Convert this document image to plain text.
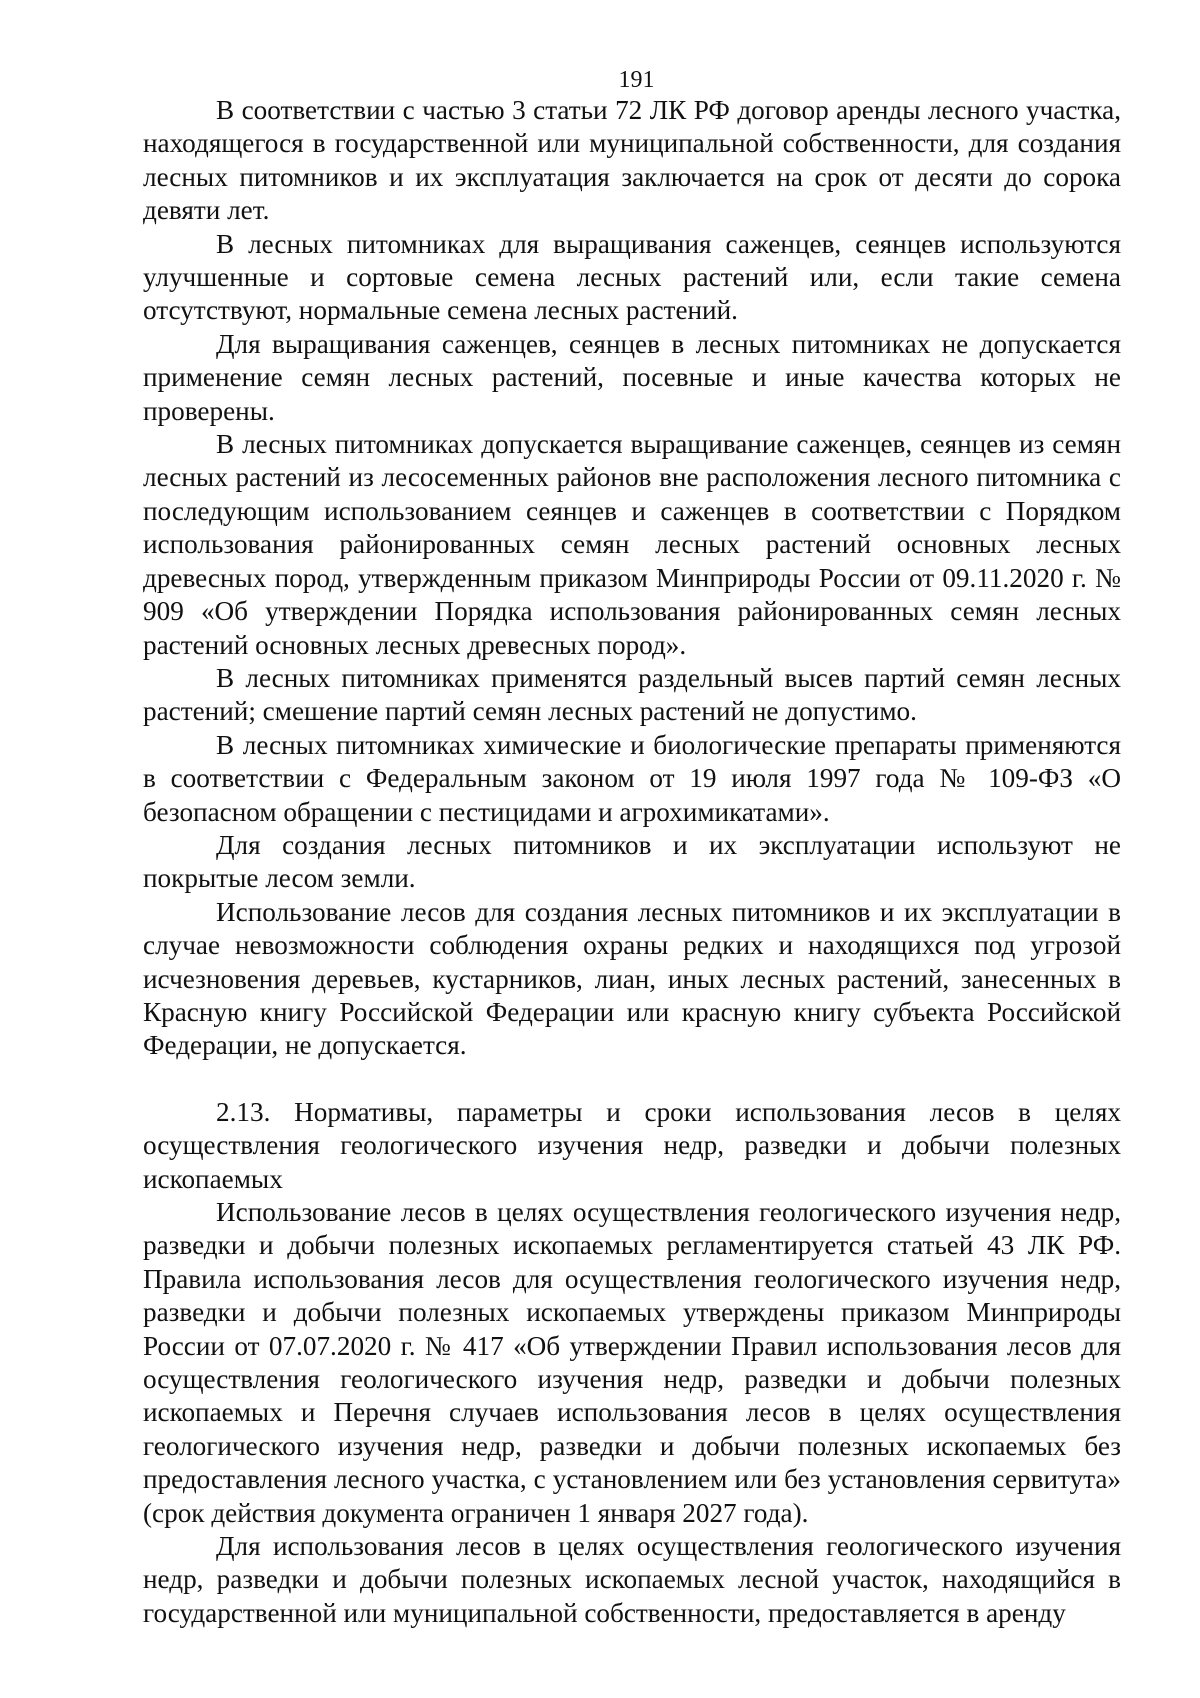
191

В соответствии с частью 3 статьи 72 ЛК РФ договор аренды лесного участка, находящегося в государственной или муниципальной собственности, для создания лесных питомников и их эксплуатация заключается на срок от десяти до сорока девяти лет.

В лесных питомниках для выращивания саженцев, сеянцев используются улучшенные и сортовые семена лесных растений или, если такие семена отсутствуют, нормальные семена лесных растений.

Для выращивания саженцев, сеянцев в лесных питомниках не допускается применение семян лесных растений, посевные и иные качества которых не проверены.

В лесных питомниках допускается выращивание саженцев, сеянцев из семян лесных растений из лесосеменных районов вне расположения лесного питомника с последующим использованием сеянцев и саженцев в соответствии с Порядком использования районированных семян лесных растений основных лесных древесных пород, утвержденным приказом Минприроды России от 09.11.2020 г. № 909 «Об утверждении Порядка использования районированных семян лесных растений основных лесных древесных пород».

В лесных питомниках применятся раздельный высев партий семян лесных растений; смешение партий семян лесных растений не допустимо.

В лесных питомниках химические и биологические препараты применяются в соответствии с Федеральным законом от 19 июля 1997 года № 109-ФЗ «О безопасном обращении с пестицидами и агрохимикатами».

Для создания лесных питомников и их эксплуатации используют не покрытые лесом земли.

Использование лесов для создания лесных питомников и их эксплуатации в случае невозможности соблюдения охраны редких и находящихся под угрозой исчезновения деревьев, кустарников, лиан, иных лесных растений, занесенных в Красную книгу Российской Федерации или красную книгу субъекта Российской Федерации, не допускается.

2.13. Нормативы, параметры и сроки использования лесов в целях осуществления геологического изучения недр, разведки и добычи полезных ископаемых

Использование лесов в целях осуществления геологического изучения недр, разведки и добычи полезных ископаемых регламентируется статьей 43 ЛК РФ. Правила использования лесов для осуществления геологического изучения недр, разведки и добычи полезных ископаемых утверждены приказом Минприроды России от 07.07.2020 г. № 417 «Об утверждении Правил использования лесов для осуществления геологического изучения недр, разведки и добычи полезных ископаемых и Перечня случаев использования лесов в целях осуществления геологического изучения недр, разведки и добычи полезных ископаемых без предоставления лесного участка, с установлением или без установления сервитута» (срок действия документа ограничен 1 января 2027 года).

Для использования лесов в целях осуществления геологического изучения недр, разведки и добычи полезных ископаемых лесной участок, находящийся в государственной или муниципальной собственности, предоставляется в аренду
